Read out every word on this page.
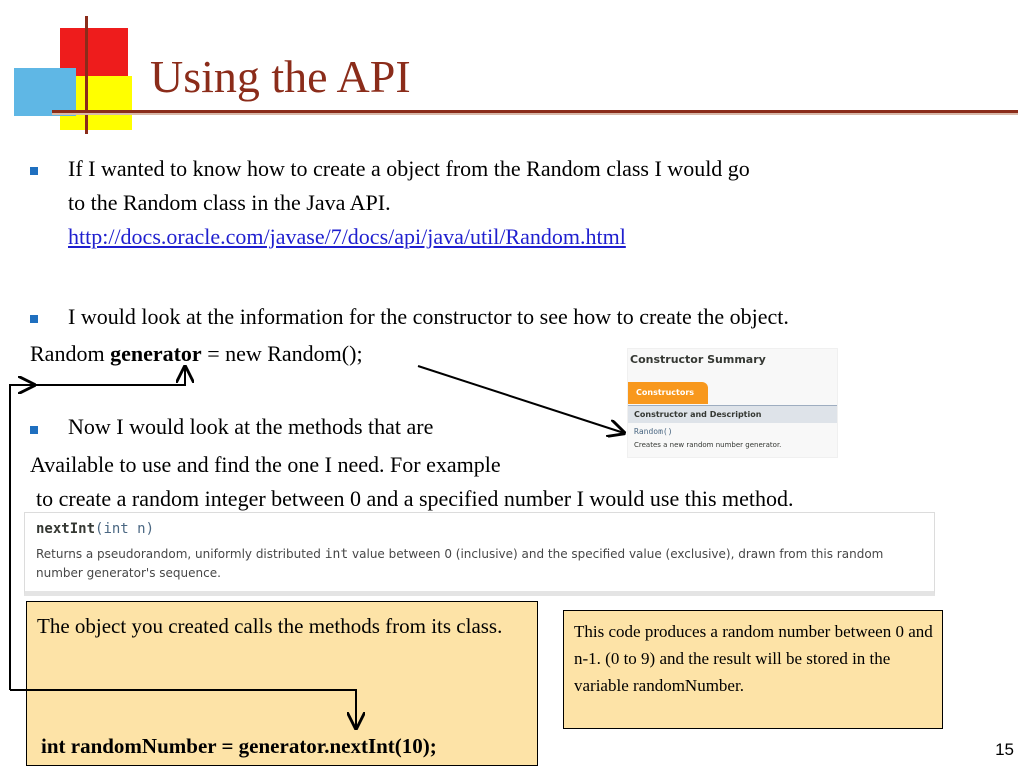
Using the API
If I wanted to know how to create a object from the Random class I would go
to the Random class in the Java API.
http://docs.oracle.com/javase/7/docs/api/java/util/Random.html
I would look at the information for the constructor to see how to create the object.
Random generator = new Random();
Now I would look at the methods that are
Available to use and find the one I need. For example
to create a random integer between 0 and a specified number I would use this method.
Constructor Summary
Constructors
Constructor and Description
Random()
Creates a new random number generator.
nextInt(int n)
Returns a pseudorandom, uniformly distributed int value between 0 (inclusive) and the specified value (exclusive), drawn from this random number generator's sequence.
The object you created calls the methods from its class.
int randomNumber = generator.nextInt(10);
This code produces a random number between 0 and n-1. (0 to 9) and the result will be stored in the variable randomNumber.
15
